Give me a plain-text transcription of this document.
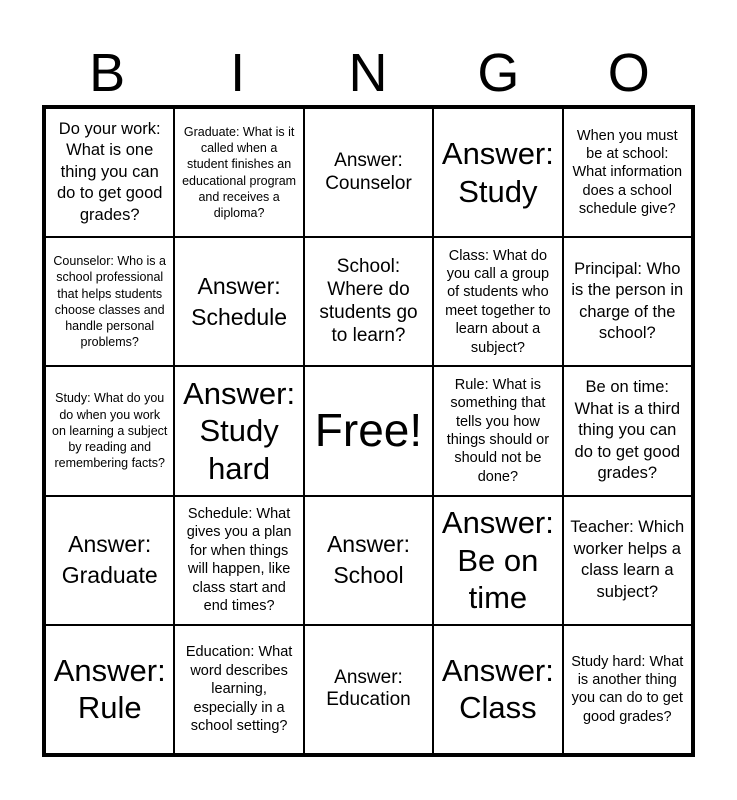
B	I	N	G	O
Do your work: What is one thing you can do to get good grades?
Graduate: What is it called when a student finishes an educational program and receives a diploma?
Answer: Counselor
Answer: Study
When you must be at school: What information does a school schedule give?
Counselor: Who is a school professional that helps students choose classes and handle personal problems?
Answer: Schedule
School: Where do students go to learn?
Class: What do you call a group of students who meet together to learn about a subject?
Principal: Who is the person in charge of the school?
Study: What do you do when you work on learning a subject by reading and remembering facts?
Answer: Study hard
Free!
Rule: What is something that tells you how things should or should not be done?
Be on time: What is a third thing you can do to get good grades?
Answer: Graduate
Schedule: What gives you a plan for when things will happen, like class start and end times?
Answer: School
Answer: Be on time
Teacher: Which worker helps a class learn a subject?
Answer: Rule
Education: What word describes learning, especially in a school setting?
Answer: Education
Answer: Class
Study hard: What is another thing you can do to get good grades?
